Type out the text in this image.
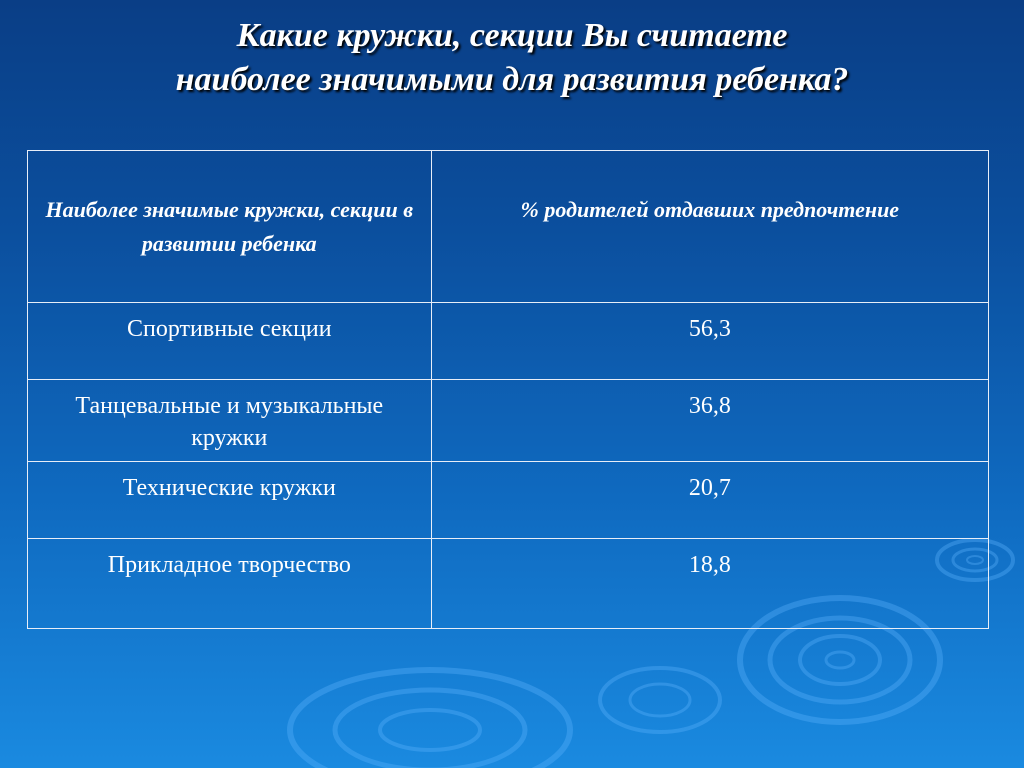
Какие кружки, секции Вы считаете
наиболее значимыми для развития ребенка?
Наиболее значимые кружки, секции в развитии ребенка	% родителей отдавших предпочтение
Спортивные секции	56,3
Танцевальные и музыкальные кружки	36,8
Технические кружки	20,7
Прикладное творчество	18,8
